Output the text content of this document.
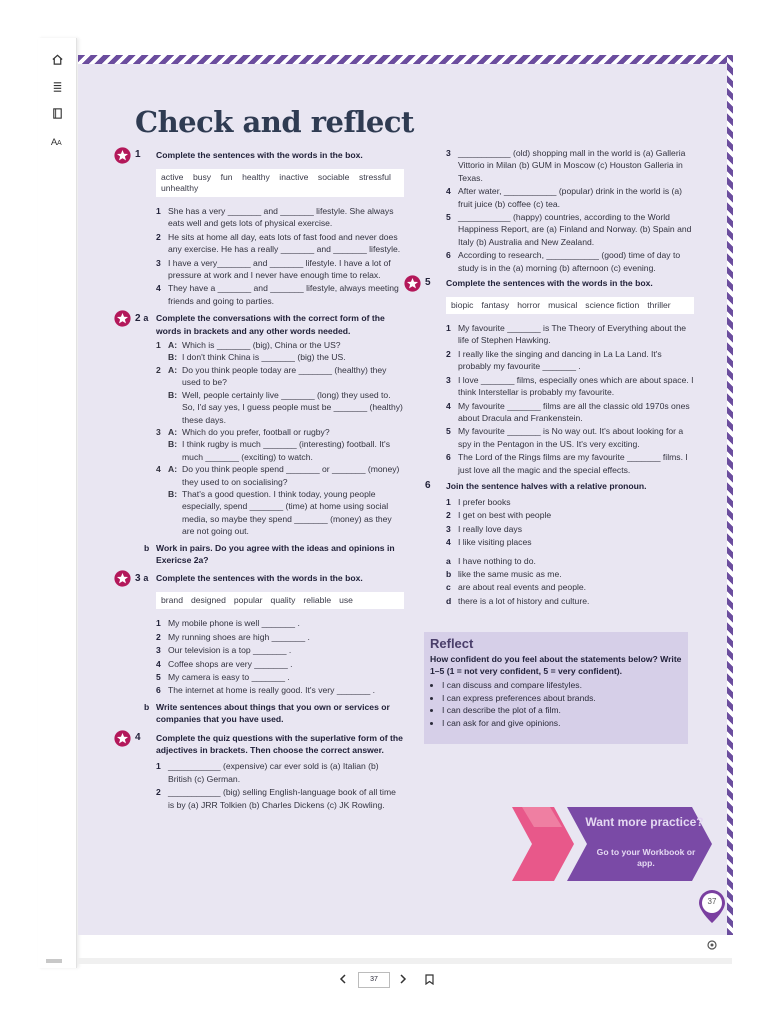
A A
Check and reflect
1 Complete the sentences with the words in the box.
active busy fun healthy inactive sociable stressful
unhealthy
1 She has a very _______ and _______ lifestyle. She always eats well and gets lots of physical exercise.
2 He sits at home all day, eats lots of fast food and never does any exercise. He has a really _______ and _______ lifestyle.
3 I have a very_______ and _______ lifestyle. I have a lot of pressure at work and I never have enough time to relax.
4 They have a _______ and _______ lifestyle, always meeting friends and going to parties.
2 a Complete the conversations with the correct form of the words in brackets and any other words needed.
1 A: Which is _______ (big), China or the US?
B: I don't think China is _______ (big) the US.
2 A: Do you think people today are _______ (healthy) they used to be?
B: Well, people certainly live _______ (long) they used to. So, I'd say yes, I guess people must be _______ (healthy) these days.
3 A: Which do you prefer, football or rugby?
B: I think rugby is much _______ (interesting) football. It's much _______ (exciting) to watch.
4 A: Do you think people spend _______ or _______ (money) they used to on socialising?
B: That's a good question. I think today, young people especially, spend _______ (time) at home using social media, so maybe they spend _______ (money) as they are not going out.
b Work in pairs. Do you agree with the ideas and opinions in Exericse 2a?
3 a Complete the sentences with the words in the box.
brand designed popular quality reliable use
1 My mobile phone is well _______ .
2 My running shoes are high _______ .
3 Our television is a top _______ .
4 Coffee shops are very _______ .
5 My camera is easy to _______ .
6 The internet at home is really good. It's very _______ .
b Write sentences about things that you own or services or companies that you have used.
4 Complete the quiz questions with the superlative form of the adjectives in brackets. Then choose the correct answer.
1 ___________ (expensive) car ever sold is (a) Italian (b) British (c) German.
2 ___________ (big) selling English-language book of all time is by (a) JRR Tolkien (b) Charles Dickens (c) JK Rowling.
3 ___________ (old) shopping mall in the world is (a) Galleria Vittorio in Milan (b) GUM in Moscow (c) Houston Galleria in Texas.
4 After water, ___________ (popular) drink in the world is (a) fruit juice (b) coffee (c) tea.
5 ___________ (happy) countries, according to the World Happiness Report, are (a) Finland and Norway. (b) Spain and Italy (b) Australia and New Zealand.
6 According to research, ___________ (good) time of day to study is in the (a) morning (b) afternoon (c) evening.
5 Complete the sentences with the words in the box.
biopic fantasy horror musical science fiction thriller
1 My favourite _______ is The Theory of Everything about the life of Stephen Hawking.
2 I really like the singing and dancing in La La Land. It's probably my favourite _______ .
3 I love _______ films, especially ones which are about space. I think Interstellar is probably my favourite.
4 My favourite _______ films are all the classic old 1970s ones about Dracula and Frankenstein.
5 My favourite _______ is No way out. It's about looking for a spy in the Pentagon in the US. It's very exciting.
6 The Lord of the Rings films are my favourite _______ films. I just love all the magic and the special effects.
6 Join the sentence halves with a relative pronoun.
1 I prefer books
2 I get on best with people
3 I really love days
4 I like visiting places
a I have nothing to do.
b like the same music as me.
c are about real events and people.
d there is a lot of history and culture.
Reflect
How confident do you feel about the statements below? Write 1–5 (1 = not very confident, 5 = very confident).
• I can discuss and compare lifestyles.
• I can express preferences about brands.
• I can describe the plot of a film.
• I can ask for and give opinions.
Want more practice?
Go to your Workbook or app.
37
37
